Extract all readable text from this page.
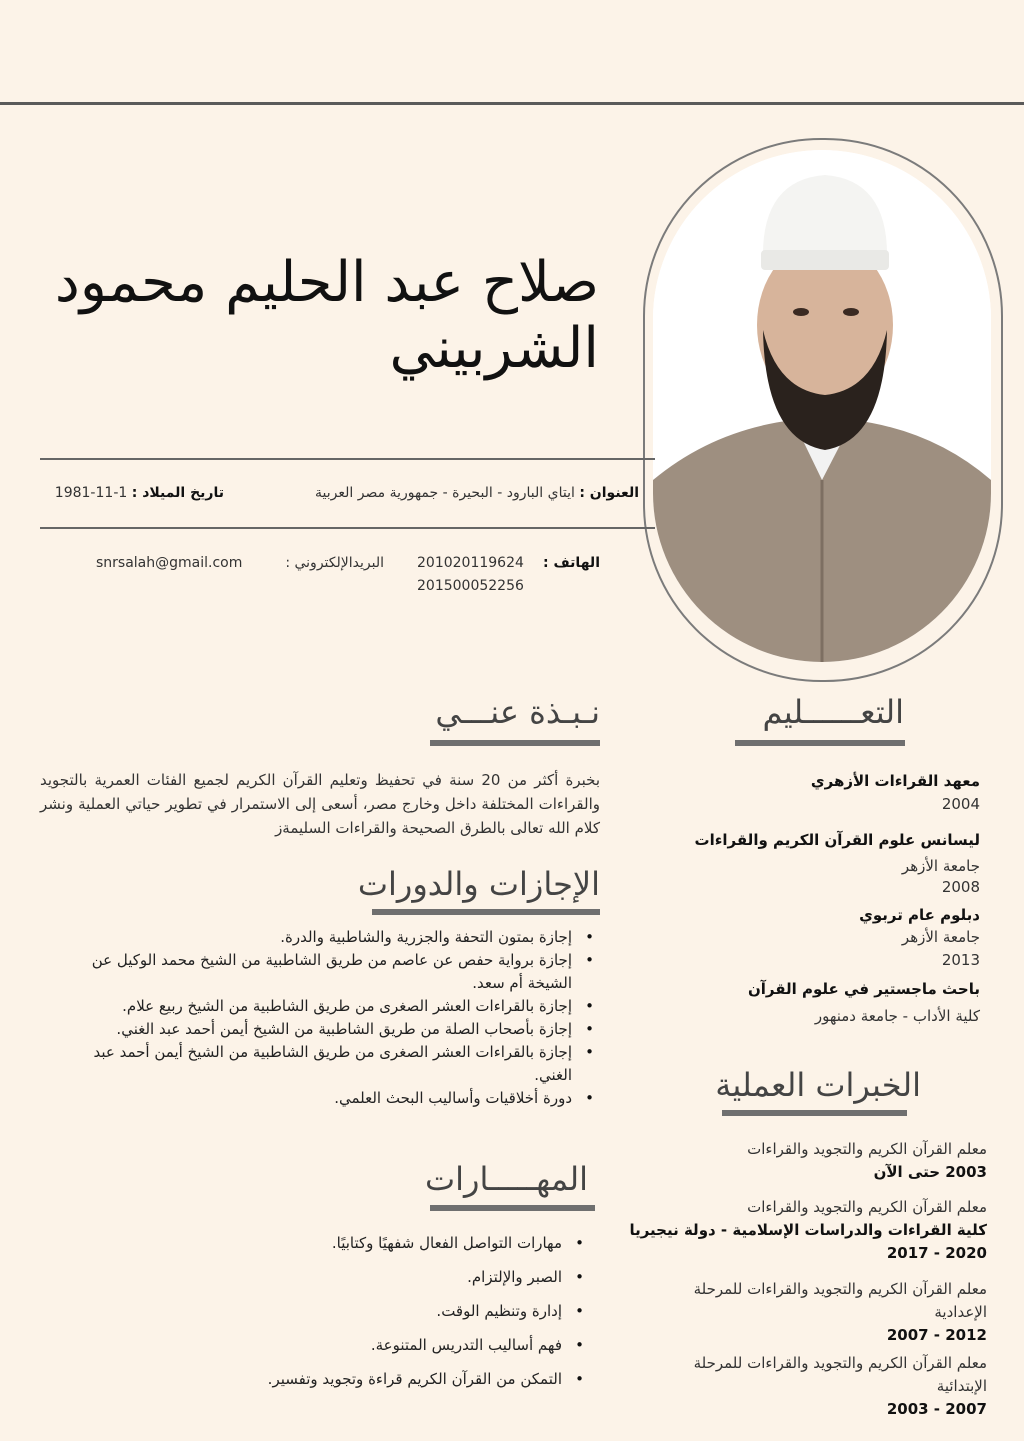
صلاح عبد الحليم محمود
الشربيني
العنوان : ايتاي البارود - البحيرة - جمهورية مصر العربية
تاريخ الميلاد : 1-11-1981
الهاتف :
201020119624
201500052256
البريدالإلكتروني :
snrsalah@gmail.com
التعــــــليم
معهد القراءات الأزهري
2004
ليسانس علوم القرآن الكريم والقراءات
جامعة الأزهر
2008
دبلوم عام تربوي
جامعة الأزهر
2013
باحث ماجستير في علوم القرآن
كلية الأداب - جامعة دمنهور
الخبرات العملية
معلم القرآن الكريم والتجويد والقراءات
2003 حتى الآن
معلم القرآن الكريم والتجويد والقراءات
كلية القراءات والدراسات الإسلامية - دولة نيجيريا
2020 - 2017
معلم القرآن الكريم والتجويد والقراءات للمرحلة الإعدادية
2012 - 2007
معلم القرآن الكريم والتجويد والقراءات للمرحلة الإبتدائية
2007 - 2003
نـبـذة عنـــي
بخبرة أكثر من 20 سنة في تحفيظ وتعليم القرآن الكريم لجميع الفئات العمرية بالتجويد والقراءات المختلفة داخل وخارج مصر، أسعى إلى الاستمرار في تطوير حياتي العملية ونشر كلام الله تعالى بالطرق الصحيحة والقراءات السليمةز
الإجازات والدورات
• إجازة بمتون التحفة والجزرية والشاطبية والدرة.
• إجازة برواية حفص عن عاصم من طريق الشاطبية من الشيخ محمد الوكيل عن الشيخة أم سعد.
• إجازة بالقراءات العشر الصغرى من طريق الشاطبية من الشيخ ربيع علام.
• إجازة بأصحاب الصلة من طريق الشاطبية من الشيخ أيمن أحمد عبد الغني.
• إجازة بالقراءات العشر الصغرى من طريق الشاطبية من الشيخ أيمن أحمد عبد الغني.
• دورة أخلاقيات وأساليب البحث العلمي.
المهـــــارات
• مهارات التواصل الفعال شفهيًا وكتابيًا.
• الصبر والإلتزام.
• إدارة وتنظيم الوقت.
• فهم أساليب التدريس المتنوعة.
• التمكن من القرآن الكريم قراءة وتجويد وتفسير.
